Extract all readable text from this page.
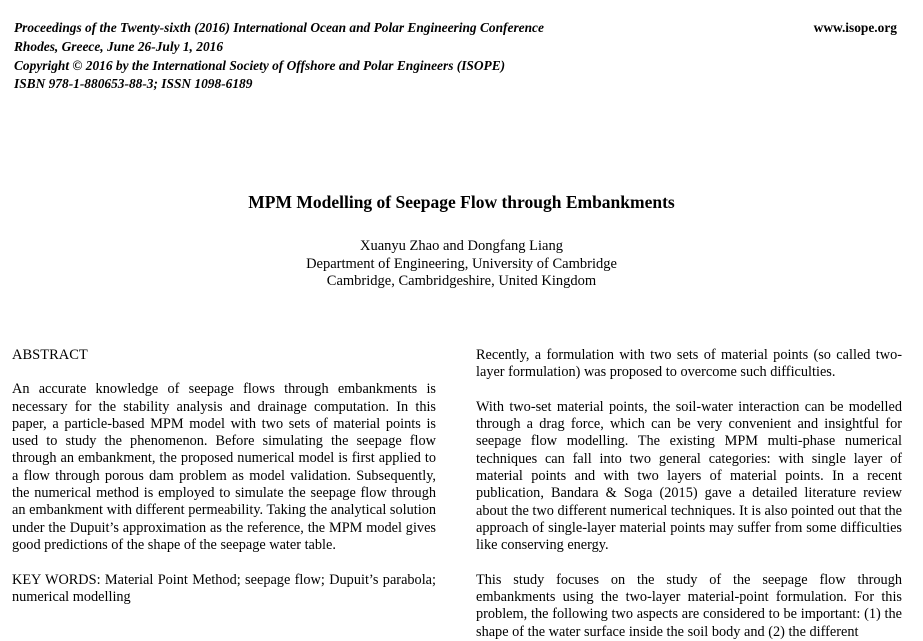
Proceedings of the Twenty-sixth (2016) International Ocean and Polar Engineering Conference
Rhodes, Greece, June 26-July 1, 2016
Copyright © 2016 by the International Society of Offshore and Polar Engineers (ISOPE)
ISBN 978-1-880653-88-3; ISSN 1098-6189
www.isope.org
MPM Modelling of Seepage Flow through Embankments
Xuanyu Zhao and Dongfang Liang
Department of Engineering, University of Cambridge
Cambridge, Cambridgeshire, United Kingdom

ABSTRACT

An accurate knowledge of seepage flows through embankments is necessary for the stability analysis and drainage computation. In this paper, a particle-based MPM model with two sets of material points is used to study the phenomenon. Before simulating the seepage flow through an embankment, the proposed numerical model is first applied to a flow through porous dam problem as model validation. Subsequently, the numerical method is employed to simulate the seepage flow through an embankment with different permeability. Taking the analytical solution under the Dupuit’s approximation as the reference, the MPM model gives good predictions of the shape of the seepage water table.

KEY WORDS: Material Point Method; seepage flow; Dupuit’s parabola; numerical modelling

Recently, a formulation with two sets of material points (so called two-layer formulation) was proposed to overcome such difficulties.

With two-set material points, the soil-water interaction can be modelled through a drag force, which can be very convenient and insightful for seepage flow modelling. The existing MPM multi-phase numerical techniques can fall into two general categories: with single layer of material points and with two layers of material points. In a recent publication, Bandara & Soga (2015) gave a detailed literature review about the two different numerical techniques. It is also pointed out that the approach of single-layer material points may suffer from some difficulties like conserving energy.

This study focuses on the study of the seepage flow through embankments using the two-layer material-point formulation. For this problem, the following two aspects are considered to be important: (1) the shape of the water surface inside the soil body and (2) the different
